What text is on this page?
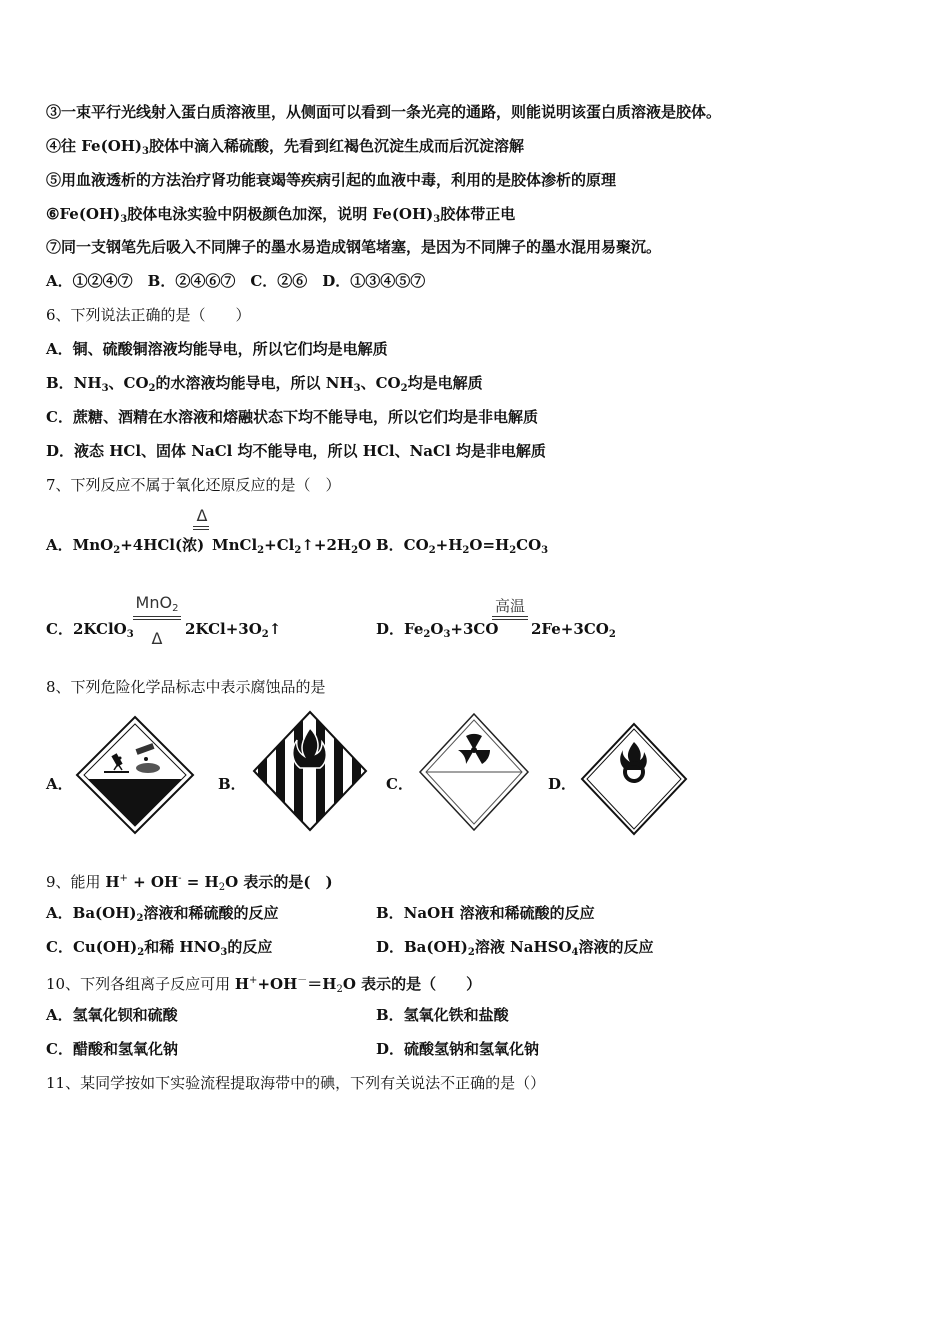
③一束平行光线射入蛋白质溶液里，从侧面可以看到一条光亮的通路，则能说明该蛋白质溶液是胶体。
④往 $Fe(OH)_3$胶体中滴入稀硫酸，先看到红褐色沉淀生成而后沉淀溶解
⑤用血液透析的方法治疗肾功能衰竭等疾病引起的血液中毒，利用的是胶体渗析的原理
$⑥Fe(OH)_3$胶体电泳实验中阴极颜色加深，说明 $Fe(OH)_3$胶体带正电
⑦同一支钢笔先后吸入不同牌子的墨水易造成钢笔堵塞，是因为不同牌子的墨水混用易聚沉。
A．①②④⑦　B．②④⑥⑦　C．②⑥　D．①③④⑤⑦
6、下列说法正确的是（　　）
A．铜、硫酸铜溶液均能导电，所以它们均是电解质
B．$NH_3$、$CO_2$的水溶液均能导电，所以 $NH_3$、$CO_2$均是电解质
C．蔗糖、酒精在水溶液和熔融状态下均不能导电，所以它们均是非电解质
D．液态 HCl、固体 NaCl 均不能导电，所以 HCl、NaCl 均是非电解质
7、下列反应不属于氧化还原反应的是（　）
A．MnO$_2$+4HCl(浓)
Δ
$MnCl_2+Cl_2↑+2H_2O$ B．$CO_2+H_2O=H_2CO_3$
C．2KClO$_3$
MnO$_2$
Δ	$2KCl+3O_2↑$	D．$Fe_2O_3+3CO$
高温
$2Fe+3CO_2$
8、下列危险化学品标志中表示腐蚀品的是
A．	B．	C．	D．
9、能用 $H^+ + OH^- = H_2O$ 表示的是(　)
A．$Ba(OH)_2$溶液和稀硫酸的反应	B．NaOH 溶液和稀硫酸的反应
C．$Cu(OH)_2$和稀 $HNO_3$的反应	D．$Ba(OH)_2$溶液 NaHSO$_4$溶液的反应
10、下列各组离子反应可用 $H^++OH^-=H_2O$ 表示的是（　　）
A．氢氧化钡和硫酸	B．氢氧化铁和盐酸
C．醋酸和氢氧化钠	D．硫酸氢钠和氢氧化钠
11、某同学按如下实验流程提取海带中的碘，下列有关说法不正确的是（）
